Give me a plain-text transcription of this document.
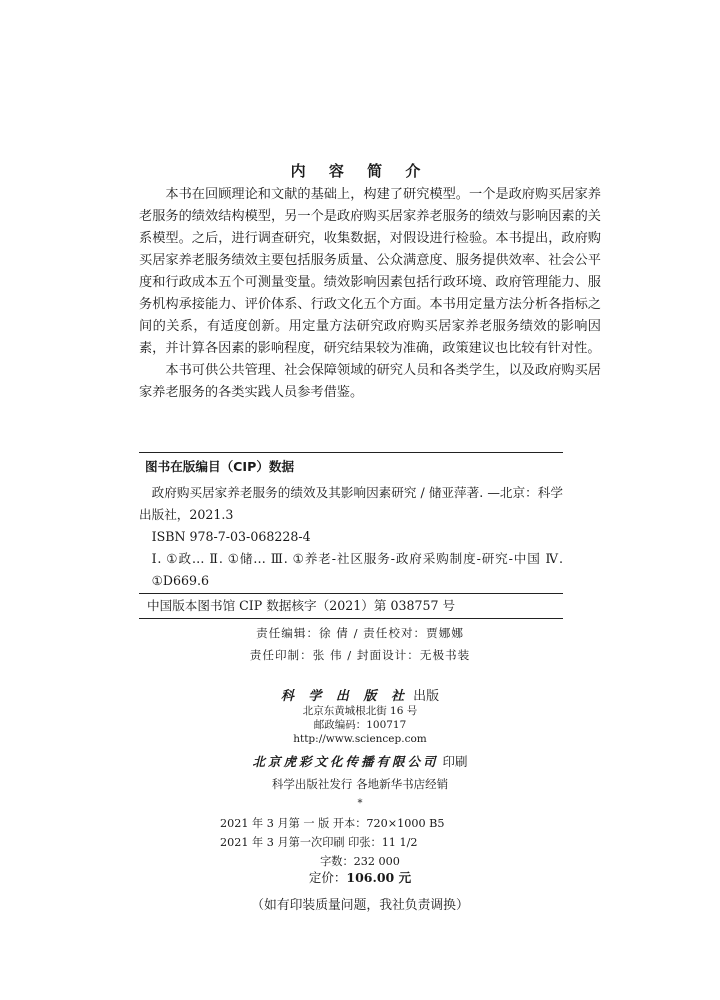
内 容 简 介

本书在回顾理论和文献的基础上，构建了研究模型。一个是政府购买居家养老服务的绩效结构模型，另一个是政府购买居家养老服务的绩效与影响因素的关系模型。之后，进行调查研究，收集数据，对假设进行检验。本书提出，政府购买居家养老服务绩效主要包括服务质量、公众满意度、服务提供效率、社会公平度和行政成本五个可测量变量。绩效影响因素包括行政环境、政府管理能力、服务机构承接能力、评价体系、行政文化五个方面。本书用定量方法分析各指标之间的关系，有适度创新。用定量方法研究政府购买居家养老服务绩效的影响因素，并计算各因素的影响程度，研究结果较为准确，政策建议也比较有针对性。

本书可供公共管理、社会保障领域的研究人员和各类学生，以及政府购买居家养老服务的各类实践人员参考借鉴。

图书在版编目（CIP）数据
政府购买居家养老服务的绩效及其影响因素研究 / 储亚萍著. —北京：科学出版社，2021.3
ISBN 978-7-03-068228-4
Ⅰ. ①政… Ⅱ. ①储… Ⅲ. ①养老-社区服务-政府采购制度-研究-中国 Ⅳ. ①D669.6
中国版本图书馆 CIP 数据核字（2021）第 038757 号
责任编辑：徐 倩 / 责任校对：贾娜娜
责任印制：张 伟 / 封面设计：无极书装
科 学 出 版 社 出版
北京东黄城根北街 16 号
邮政编码：100717
http://www.sciencep.com
北京虎彩文化传播有限公司 印刷
科学出版社发行 各地新华书店经销
*
2021 年 3 月第 一 版 开本：720×1000 B5
2021 年 3 月第一次印刷 印张：11 1/2
字数：232 000
定价：106.00 元
（如有印装质量问题，我社负责调换）
